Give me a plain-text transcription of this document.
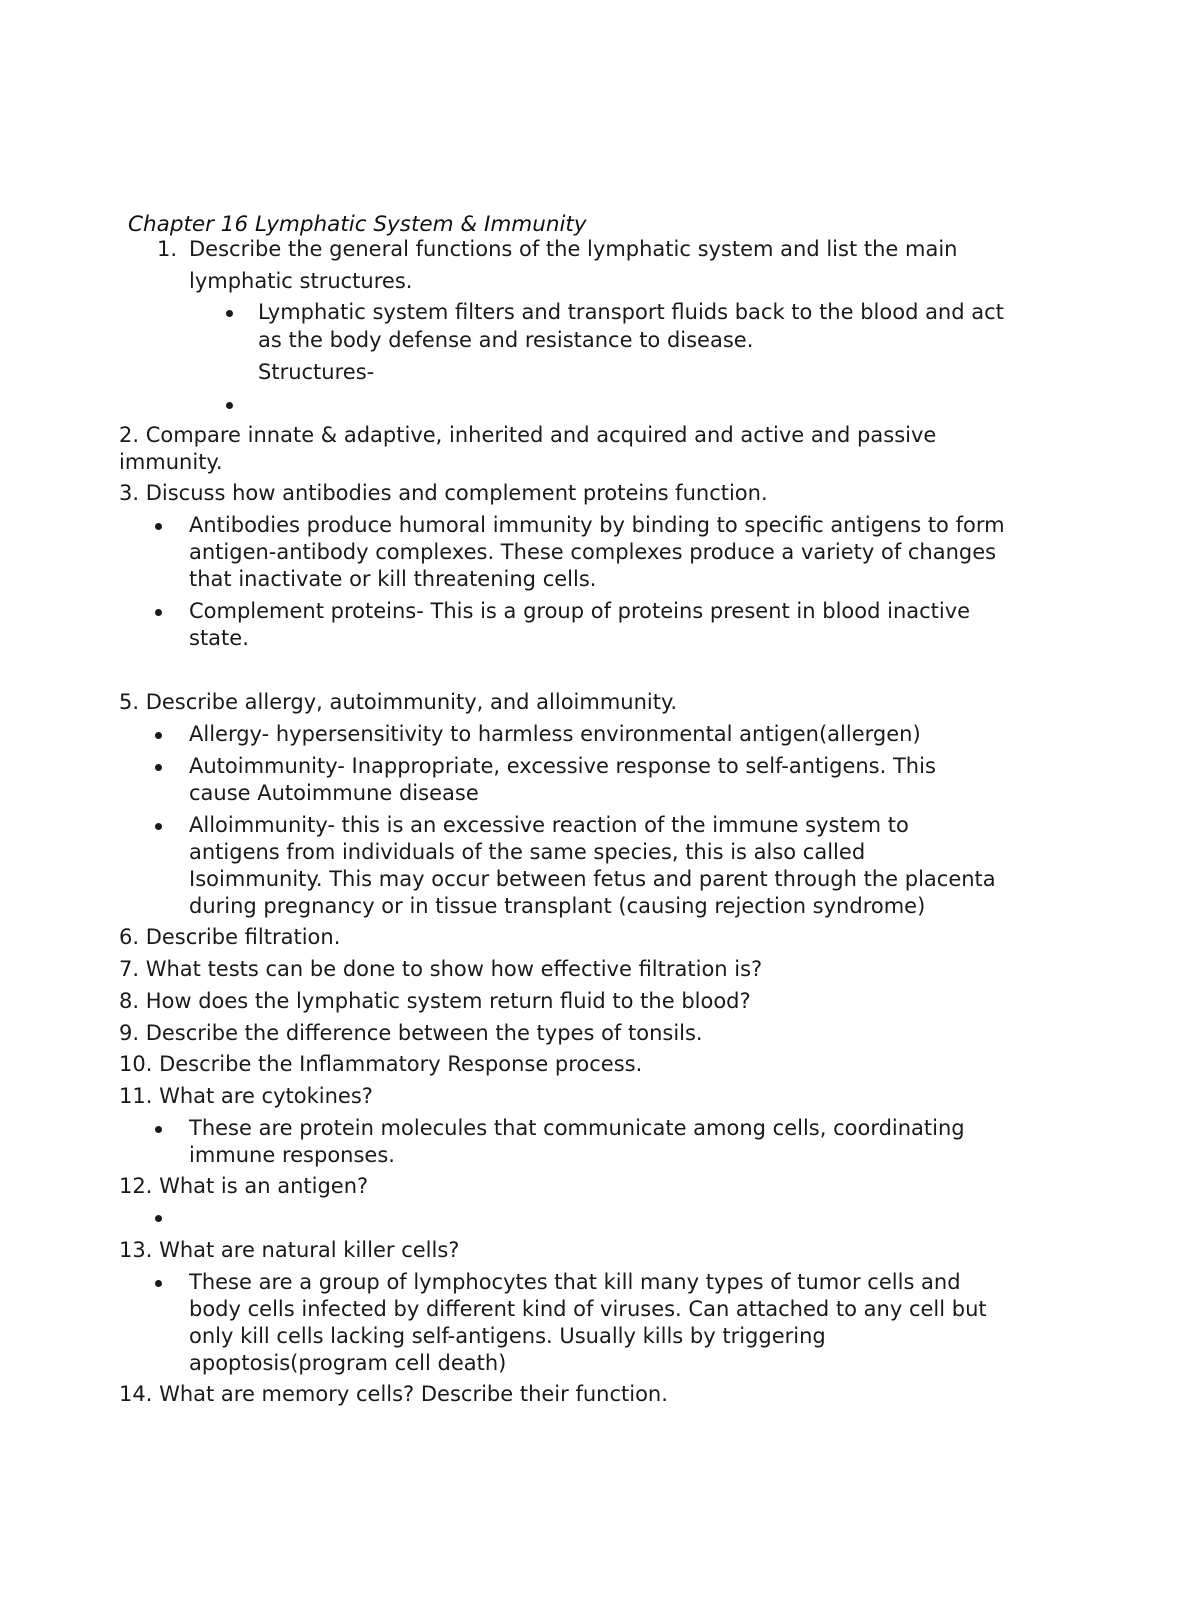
Chapter 16 Lymphatic System & Immunity
1. Describe the general functions of the lymphatic system and list the main
lymphatic structures.
Lymphatic system filters and transport fluids back to the blood and act
as the body defense and resistance to disease.
Structures-
2. Compare innate & adaptive, inherited and acquired and active and passive
immunity.
3. Discuss how antibodies and complement proteins function.
Antibodies produce humoral immunity by binding to specific antigens to form
antigen-antibody complexes. These complexes produce a variety of changes
that inactivate or kill threatening cells.
Complement proteins- This is a group of proteins present in blood inactive
state.
5. Describe allergy, autoimmunity, and alloimmunity.
Allergy- hypersensitivity to harmless environmental antigen(allergen)
Autoimmunity- Inappropriate, excessive response to self-antigens. This
cause Autoimmune disease
Alloimmunity- this is an excessive reaction of the immune system to
antigens from individuals of the same species, this is also called
Isoimmunity. This may occur between fetus and parent through the placenta
during pregnancy or in tissue transplant (causing rejection syndrome)
6. Describe filtration.
7. What tests can be done to show how effective filtration is?
8. How does the lymphatic system return fluid to the blood?
9. Describe the difference between the types of tonsils.
10. Describe the Inflammatory Response process.
11. What are cytokines?
These are protein molecules that communicate among cells, coordinating
immune responses.
12. What is an antigen?
13. What are natural killer cells?
These are a group of lymphocytes that kill many types of tumor cells and
body cells infected by different kind of viruses. Can attached to any cell but
only kill cells lacking self-antigens. Usually kills by triggering
apoptosis(program cell death)
14. What are memory cells? Describe their function.
